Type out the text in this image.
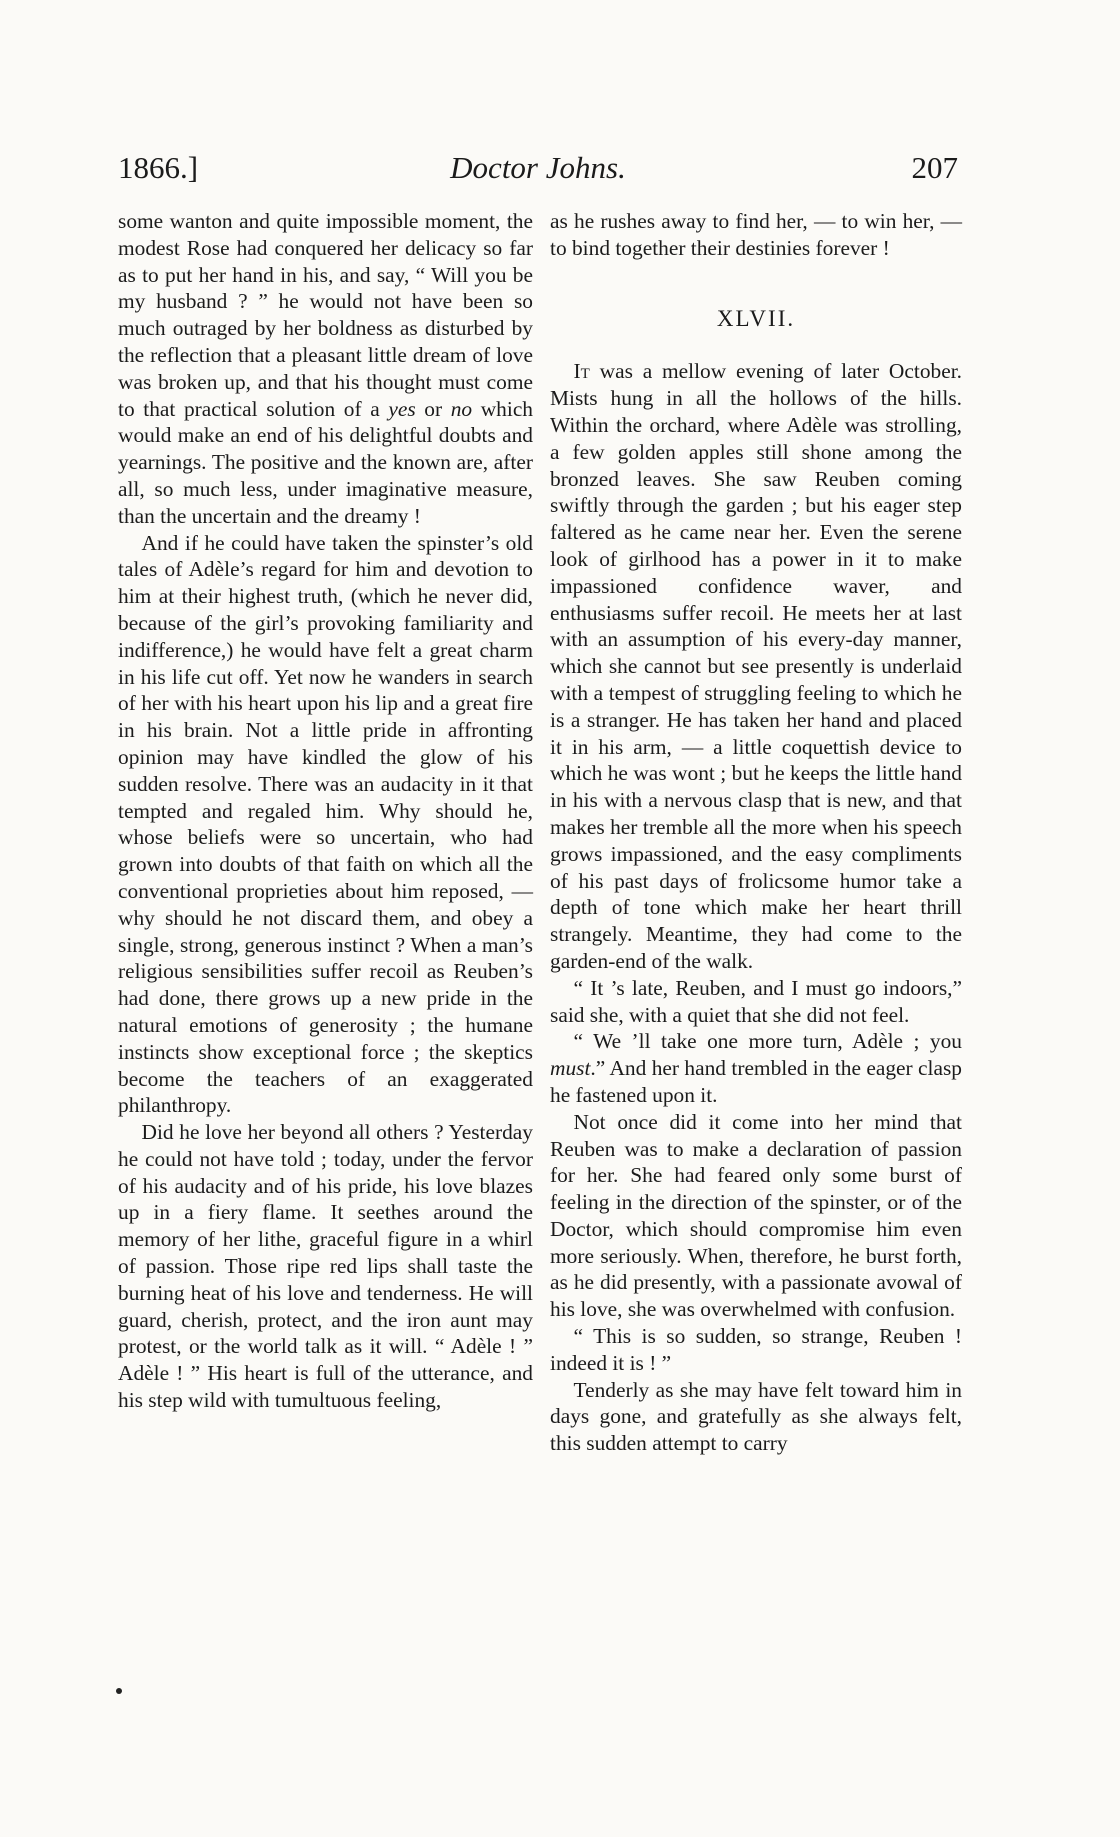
1866.]	Doctor Johns.	207

some wanton and quite impossible moment, the modest Rose had conquered her delicacy so far as to put her hand in his, and say, “ Will you be my husband ? ” he would not have been so much outraged by her boldness as disturbed by the reflection that a pleasant little dream of love was broken up, and that his thought must come to that practical solution of a yes or no which would make an end of his delightful doubts and yearnings. The positive and the known are, after all, so much less, under imaginative measure, than the uncertain and the dreamy !

And if he could have taken the spinster’s old tales of Adèle’s regard for him and devotion to him at their highest truth, (which he never did, because of the girl’s provoking familiarity and indifference,) he would have felt a great charm in his life cut off. Yet now he wanders in search of her with his heart upon his lip and a great fire in his brain. Not a little pride in affronting opinion may have kindled the glow of his sudden resolve. There was an audacity in it that tempted and regaled him. Why should he, whose beliefs were so uncertain, who had grown into doubts of that faith on which all the conventional proprieties about him reposed, — why should he not discard them, and obey a single, strong, generous instinct ? When a man’s religious sensibilities suffer recoil as Reuben’s had done, there grows up a new pride in the natural emotions of generosity ; the humane instincts show exceptional force ; the skeptics become the teachers of an exaggerated philanthropy.

Did he love her beyond all others ? Yesterday he could not have told ; today, under the fervor of his audacity and of his pride, his love blazes up in a fiery flame. It seethes around the memory of her lithe, graceful figure in a whirl of passion. Those ripe red lips shall taste the burning heat of his love and tenderness. He will guard, cherish, protect, and the iron aunt may protest, or the world talk as it will. “ Adèle ! ” Adèle ! ” His heart is full of the utterance, and his step wild with tumultuous feeling,

as he rushes away to find her, — to win her, — to bind together their destinies forever !

XLVII.

It was a mellow evening of later October. Mists hung in all the hollows of the hills. Within the orchard, where Adèle was strolling, a few golden apples still shone among the bronzed leaves. She saw Reuben coming swiftly through the garden ; but his eager step faltered as he came near her. Even the serene look of girlhood has a power in it to make impassioned confidence waver, and enthusiasms suffer recoil. He meets her at last with an assumption of his every-day manner, which she cannot but see presently is underlaid with a tempest of struggling feeling to which he is a stranger. He has taken her hand and placed it in his arm, — a little coquettish device to which he was wont ; but he keeps the little hand in his with a nervous clasp that is new, and that makes her tremble all the more when his speech grows impassioned, and the easy compliments of his past days of frolicsome humor take a depth of tone which make her heart thrill strangely. Meantime, they had come to the garden-end of the walk.

“ It ’s late, Reuben, and I must go indoors,” said she, with a quiet that she did not feel.

“ We ’ll take one more turn, Adèle ; you must.” And her hand trembled in the eager clasp he fastened upon it.

Not once did it come into her mind that Reuben was to make a declaration of passion for her. She had feared only some burst of feeling in the direction of the spinster, or of the Doctor, which should compromise him even more seriously. When, therefore, he burst forth, as he did presently, with a passionate avowal of his love, she was overwhelmed with confusion.

“ This is so sudden, so strange, Reuben ! indeed it is ! ”

Tenderly as she may have felt toward him in days gone, and gratefully as she always felt, this sudden attempt to carry
